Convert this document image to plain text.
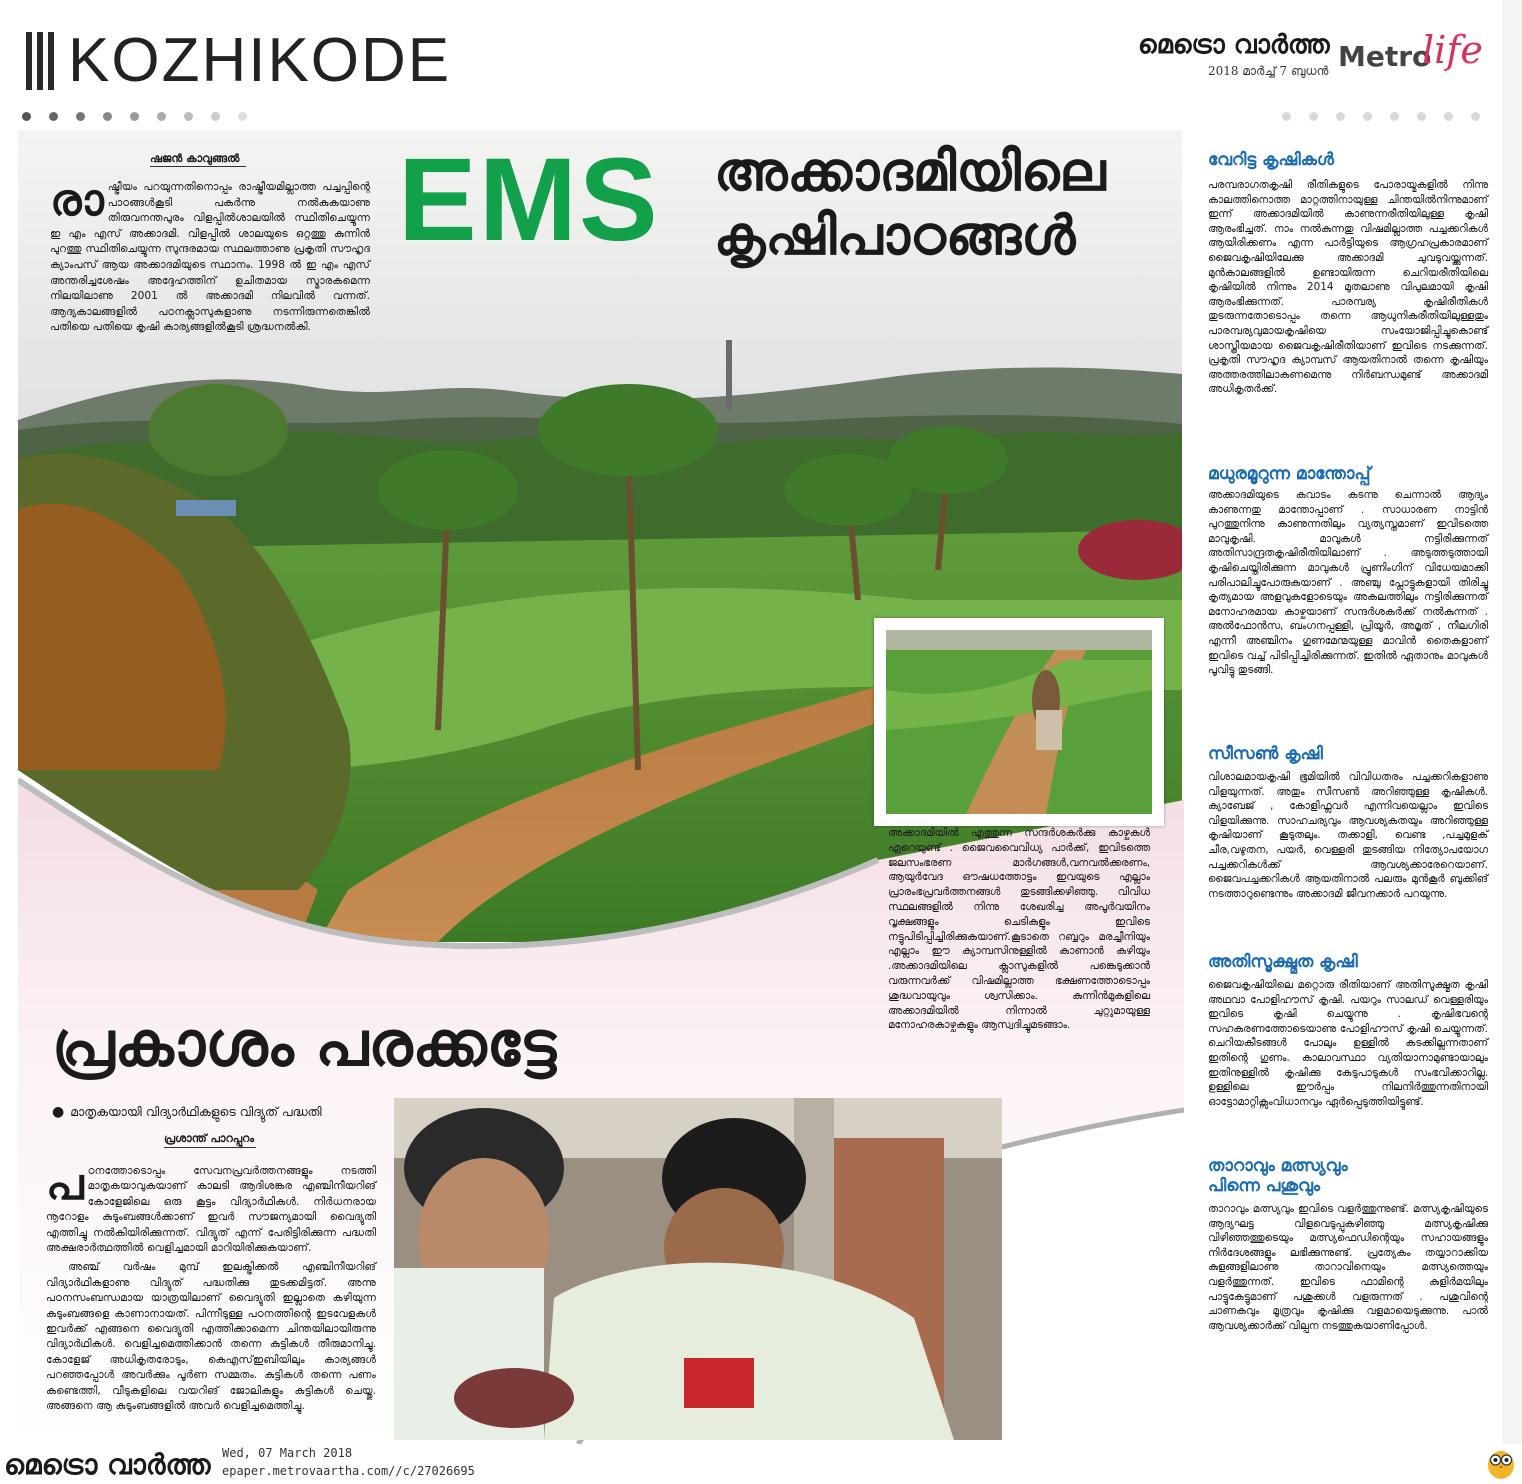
KOZHIKODE	മെട്രൊ വാർത്ത
2018 മാർച്ച് 7 ബുധൻ Metro
life
ഷജൻ കാവുങ്ങൽ
രാഷ്ട്രീയം പറയുന്നതിനൊപ്പം രാഷ്ട്രീയമില്ലാത്ത പച്ചപ്പിന്റെ പാഠങ്ങൾകൂടി പകർന്നു നൽകുകയാണു തിരുവനന്തപുരം വിളപ്പിൽശാലയിൽ സ്ഥിതിചെയ്യുന്ന ഇ എം എസ് അക്കാദമി. വിളപ്പിൽ ശാലയുടെ ഒറ്റത്തു കുന്നിൻ പുറത്തു സ്ഥിതിചെയ്യുന്ന സുന്ദരമായ സ്ഥലത്താണു പ്രകൃതി സൗഹൃദ ക്യാംപസ് ആയ അക്കാദമിയുടെ സ്ഥാനം. 1998 ൽ ഇ എം എസ് അന്തരിച്ചശേഷം അദ്ദേഹത്തിന് ഉചിതമായ സ്മാരകമെന്ന നിലയിലാണു 2001 ൽ അക്കാദമി നിലവിൽ വന്നത്. ആദ്യകാലങ്ങളിൽ പഠനക്ലാസുകളാണു നടന്നിരുന്നതെങ്കിൽ പതിയെ പതിയെ കൃഷി കാര്യങ്ങളിൽകൂടി ശ്രദ്ധനൽകി.
EMS അക്കാദമിയിലെ
കൃഷിപാഠങ്ങൾ
വേറിട്ട കൃഷികൾ
പരമ്പരാഗതകൃഷി രീതികളുടെ പോരായ്മകളിൽ നിന്നു കാലത്തിനൊത്ത മാറ്റത്തിനായുള്ള ചിന്തയിൽനിന്നുമാണ് ഇന്ന് അക്കാദമിയിൽ കാണുന്നരീതിയിലുള്ള കൃഷി ആരംഭിച്ചത്. നാം നൽകുന്നതു വിഷമില്ലാത്ത പച്ചക്കറികൾ ആയിരിക്കണം എന്ന പാർട്ടിയുടെ ആഗ്രഹപ്രകാരമാണ് ജൈവകൃഷിയിലേക്കു അക്കാദമി ചുവടുവയ്ക്കുന്നത്. മുൻകാലങ്ങളിൽ ഉണ്ടായിരുന്ന ചെറിയരീതിയിലെ കൃഷിയിൽ നിന്നും 2014 മുതലാണു വിപുലമായി കൃഷി ആരംഭിക്കുന്നത്. പാരമ്പര്യ കൃഷിരീതികൾ തുടരുന്നതോടൊപ്പം തന്നെ ആധുനികരീതിയിലുള്ളതും പാരമ്പര്യവുമായകൃഷിയെ സംയോജിപ്പിച്ചുകൊണ്ട് ശാസ്ത്രീയമായ ജൈവകൃഷിരീതിയാണ് ഇവിടെ നടക്കുന്നത്. പ്രകൃതി സൗഹൃദ ക്യാമ്പസ് ആയതിനാൽ തന്നെ കൃഷിയും അത്തരത്തിലാകണമെന്നു നിർബന്ധമുണ്ട് അക്കാദമി അധികൃതർക്ക്.
മധുരമൂറുന്ന മാന്തോപ്പ്
അക്കാദമിയുടെ കവാടം കടന്നു ചെന്നാൽ ആദ്യം കാണുന്നതു മാന്തോപ്പാണ് . സാധാരണ നാട്ടിൻ പുറത്തുനിന്നു കാണുന്നതിലും വ്യത്യസ്തമാണ് ഇവിടത്തെ മാവുകൃഷി. മാവുകൾ നട്ടിരിക്കുന്നത് അതിസാന്ദ്രതകൃഷിരീതിയിലാണ് . അടുത്തടുത്തായി കൃഷിചെയ്തിരിക്കുന്ന മാവുകൾ പ്രൂണിംഗിന് വിധേയമാക്കി പരിപാലിച്ചുപോരുകയാണ് . അഞ്ചു പ്ലോട്ടുകളായി തിരിച്ചു കൃത്യമായ അളവുകളോടെയും അകലത്തിലും നട്ടിരിക്കുന്നത് മനോഹരമായ കാഴ്ചയാണ് സന്ദർശകർക്ക് നൽകുന്നത് . അൽഫോൻസ, ബംഗനപ്പള്ളി, പ്രിയൂർ, അമൃത് , നീലഗിരി എന്നീ അഞ്ചിനം ഗുണമേന്മയുള്ള മാവിൻ തൈകളാണ് ഇവിടെ വച്ച് പിടിപ്പിച്ചിരിക്കുന്നത്. ഇതിൽ ഏതാനും മാവുകൾ പൂവിട്ടു തുടങ്ങി.
സീസൺ കൃഷി
വിശാലമായകൃഷി ഭൂമിയിൽ വിവിധതരം പച്ചക്കറികളാണു വിളയുന്നത്. അതും സീസൺ അറിഞ്ഞുള്ള കൃഷികൾ. ക്യാബേജ് , കോളിഫ്ലവർ എന്നിവയെല്ലാം ഇവിടെ വിളയിക്കുന്നു. സാഹചര്യവും ആവശ്യകതയും അറിഞ്ഞുള്ള കൃഷിയാണ് കൂടുതലും. തക്കാളി, വെണ്ട ,പച്ചമുളക് ചീര,വഴുതന, പയർ, വെള്ളരി തുടങ്ങിയ നിത്യോപയോഗ പച്ചക്കറികൾക്ക് ആവശ്യക്കാരേറെയാണ്. ജൈവപച്ചക്കറികൾ ആയതിനാൽ പലരും മുൻകൂർ ബുക്കിങ് നടത്താറുണ്ടെന്നും അക്കാദമി ജീവനക്കാർ പറയുന്നു.
അതിസൂക്ഷ്മത കൃഷി
ജൈവകൃഷിയിലെ മറ്റൊരു രീതിയാണ് അതിസൂക്ഷ്മത കൃഷി അഥവാ പോളിഹൗസ് കൃഷി. പയറും സാലഡ് വെള്ളരിയും ഇവിടെ കൃഷി ചെയ്യുന്നു . കൃഷിഭവന്റെ സഹകരണത്തോടെയാണു പോളിഹൗസ് കൃഷി ചെയ്യുന്നത്. ചെറിയകീടങ്ങൾ പോലും ഉള്ളിൽ കടക്കില്ലന്നതാണ് ഇതിന്റെ ഗുണം. കാലാവസ്ഥാ വ്യതിയാനാമുണ്ടായാലും ഇതിനുള്ളിൽ കൃഷിക്കു കേടുപാടുകൾ സംഭവിക്കാറില്ല. ഉള്ളിലെ ഈർപ്പം നിലനിർത്തുന്നതിനായി ഓട്ടോമാറ്റിക്സംവിധാനവും ഏർപ്പെടുത്തിയിട്ടുണ്ട്.
താറാവും മത്സ്യവും പിന്നെ പശുവും
താറാവും മത്സ്യവും ഇവിടെ വളർത്തുന്നുണ്ട്. മത്സ്യകൃഷിയുടെ ആദ്യഘട്ട വിളവെടുപ്പുകഴിഞ്ഞു മത്സ്യകൃഷിക്കു വിഴിഞ്ഞത്തുടെയും മത്സ്യഫെഡിന്റെയും സഹായങ്ങളും നിർദേശങ്ങളും ലഭിക്കുന്നുണ്ട്. പ്രത്യേകം തയ്യാറാക്കിയ കുളങ്ങളിലാണു താറാവിനെയും മത്സ്യത്തെയും വളർത്തുന്നത്. ഇവിടെ ഫാമിന്റെ കുളിർമയിലും പാട്ടുകേട്ടുമാണ് പശുക്കൾ വളരുന്നത് . പശുവിന്റെ ചാണകവും മൂത്രവും കൃഷിക്കു വളമായെടുക്കുന്നു. പാൽ ആവശ്യക്കാർക്ക് വില്പന നടത്തുകയാണിപ്പോൾ.
അക്കാദമിയിൽ എത്തുന്ന സന്ദർശകർക്കു കാഴ്ചകൾ ഏറെയുണ്ട് . ജൈവവൈവിധ്യ പാർക്ക്, ഇവിടത്തെ ജലസംഭരണ മാർഗങ്ങൾ,വനവൽക്കരണം, ആയുർവേദ ഔഷധത്തോട്ടം ഇവയുടെ എല്ലാം പ്രാരംഭപ്രവർത്തനങ്ങൾ തുടങ്ങിക്കഴിഞ്ഞു. വിവിധ സ്ഥലങ്ങളിൽ നിന്നു ശേഖരിച്ച അപൂർവയിനം വൃക്ഷങ്ങളും ചെടികളും ഇവിടെ നട്ടുപിടിപ്പിച്ചിരിക്കുകയാണ്.കൂടാതെ റബ്ബറും മരച്ചീനിയും എല്ലാം ഈ ക്യാമ്പസിനുള്ളിൽ കാണാൻ കഴിയും .അക്കാദമിയിലെ ക്ലാസുകളിൽ പങ്കെടുക്കാൻ വരുന്നവർക്ക് വിഷമില്ലാത്ത ഭക്ഷണത്തോടൊപ്പം ശുദ്ധവായുവും ശ്വസിക്കാം. കുന്നിൻമുകളിലെ അക്കാദമിയിൽ നിന്നാൽ ചുറ്റുമായുള്ള മനോഹരകാഴ്ചകളും ആസ്വദിച്ചുമടങ്ങാം.
പ്രകാശം പരക്കട്ടേ
● മാതൃകയായി വിദ്യാർഥികളുടെ വിദ്യുത് പദ്ധതി
പ്രശാന്ത് പാറപ്പുറം

പഠനത്തോടൊപ്പം സേവനപ്രവർത്തനങ്ങളും നടത്തി മാതൃകയാവുകയാണ് കാലടി ആദിശങ്കര എഞ്ചിനീയറിങ് കോളേജിലെ ഒരു കൂട്ടം വിദ്യാർഥികൾ. നിർധനരായ നൂറോളം കുടുംബങ്ങൾക്കാണ് ഇവർ സൗജന്യമായി വൈദ്യുതി എത്തിച്ചു നൽകിയിരിക്കുന്നത്. വിദ്യുത് എന്ന് പേരിട്ടിരിക്കുന്ന പദ്ധതി അക്ഷരാർത്ഥത്തിൽ വെളിച്ചമായി മാറിയിരിക്കുകയാണ്.

അഞ്ച് വർഷം മുമ്പ് ഇലക്ട്രിക്കൽ എഞ്ചിനീയറിങ് വിദ്യാർഥികളാണു വിദ്യുത് പദ്ധതിക്കു തുടക്കമിട്ടത്. അന്നു പഠനസംബന്ധമായ യാത്രയിലാണ് വൈദ്യുതി ഇല്ലാതെ കഴിയുന്ന കുടുംബങ്ങളെ കാണാനായത്. പിന്നീടുള്ള പഠനത്തിന്റെ ഇടവേളകൾ ഇവർക്ക് എങ്ങനെ വൈദ്യുതി എത്തിക്കാമെന്ന ചിന്തയിലായിരുന്നു വിദ്യാർഥികൾ. വെളിച്ചമെത്തിക്കാൻ തന്നെ കുട്ടികൾ തീരുമാനിച്ചു. കോളേജ് അധികൃതരോടും, കെഎസ്ഇബിയിലും കാര്യങ്ങൾ പറഞ്ഞപ്പോൾ അവർക്കും പൂർണ സമ്മതം. കുട്ടികൾ തന്നെ പണം കണ്ടെത്തി, വീടുകളിലെ വയറിങ് ജോലികളും കുട്ടികൾ ചെയ്തു. അങ്ങനെ ആ കുടുംബങ്ങളിൽ അവർ വെളിച്ചമെത്തിച്ചു.

മെട്രൊ വാർത്ത Wed, 07 March 2018
epaper.metrovaartha.com//c/27026695
